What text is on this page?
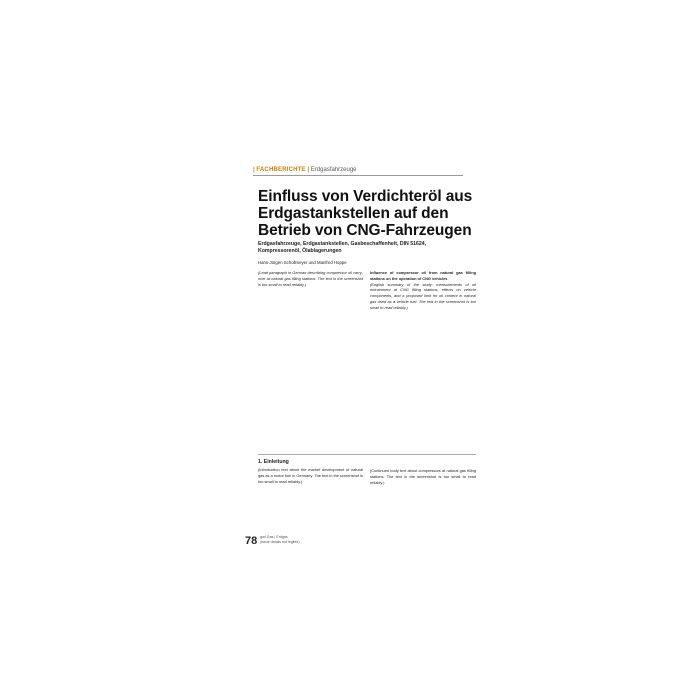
| FACHBERICHTE | Erdgasfahrzeuge
Einfluss von Verdichteröl aus Erdgastankstellen auf den Betrieb von CNG-Fahrzeugen
Erdgasfahrzeuge, Erdgastankstellen, Gasbeschaffenheit, DIN 51624, Kompressorenöl, Ölablagerungen
Hans-Jürgen Schollmeyer und Manfred Hoppe

(Lead paragraph in German describing compressor oil carry-over at natural gas filling stations. The text in the screenshot is too small to read reliably.)

Influence of compressor oil from natural gas filling stations on the operation of CNG vehicles
(English summary of the study: measurements of oil entrainment at CNG filling stations, effects on vehicle components, and a proposed limit for oil content in natural gas used as a vehicle fuel. The text in the screenshot is too small to read reliably.)
1. Einleitung

(Introduction text about the market development of natural gas as a motor fuel in Germany. The text in the screenshot is too small to read reliably.)

(Continued body text about compressors at natural gas filling stations. The text in the screenshot is too small to read reliably.)

78 gwf-Gas | Erdgas
(issue details not legible)
